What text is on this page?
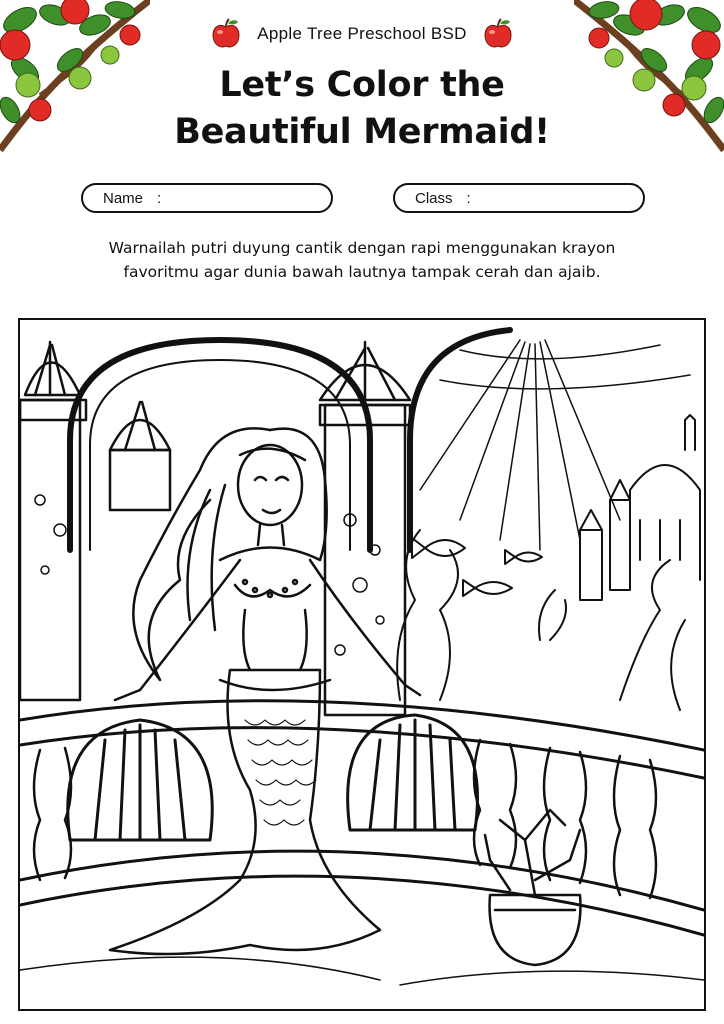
Apple Tree Preschool BSD
Let’s Color the
Beautiful Mermaid!
Name :	Class :
Warnailah putri duyung cantik dengan rapi menggunakan krayon
favoritmu agar dunia bawah lautnya tampak cerah dan ajaib.
